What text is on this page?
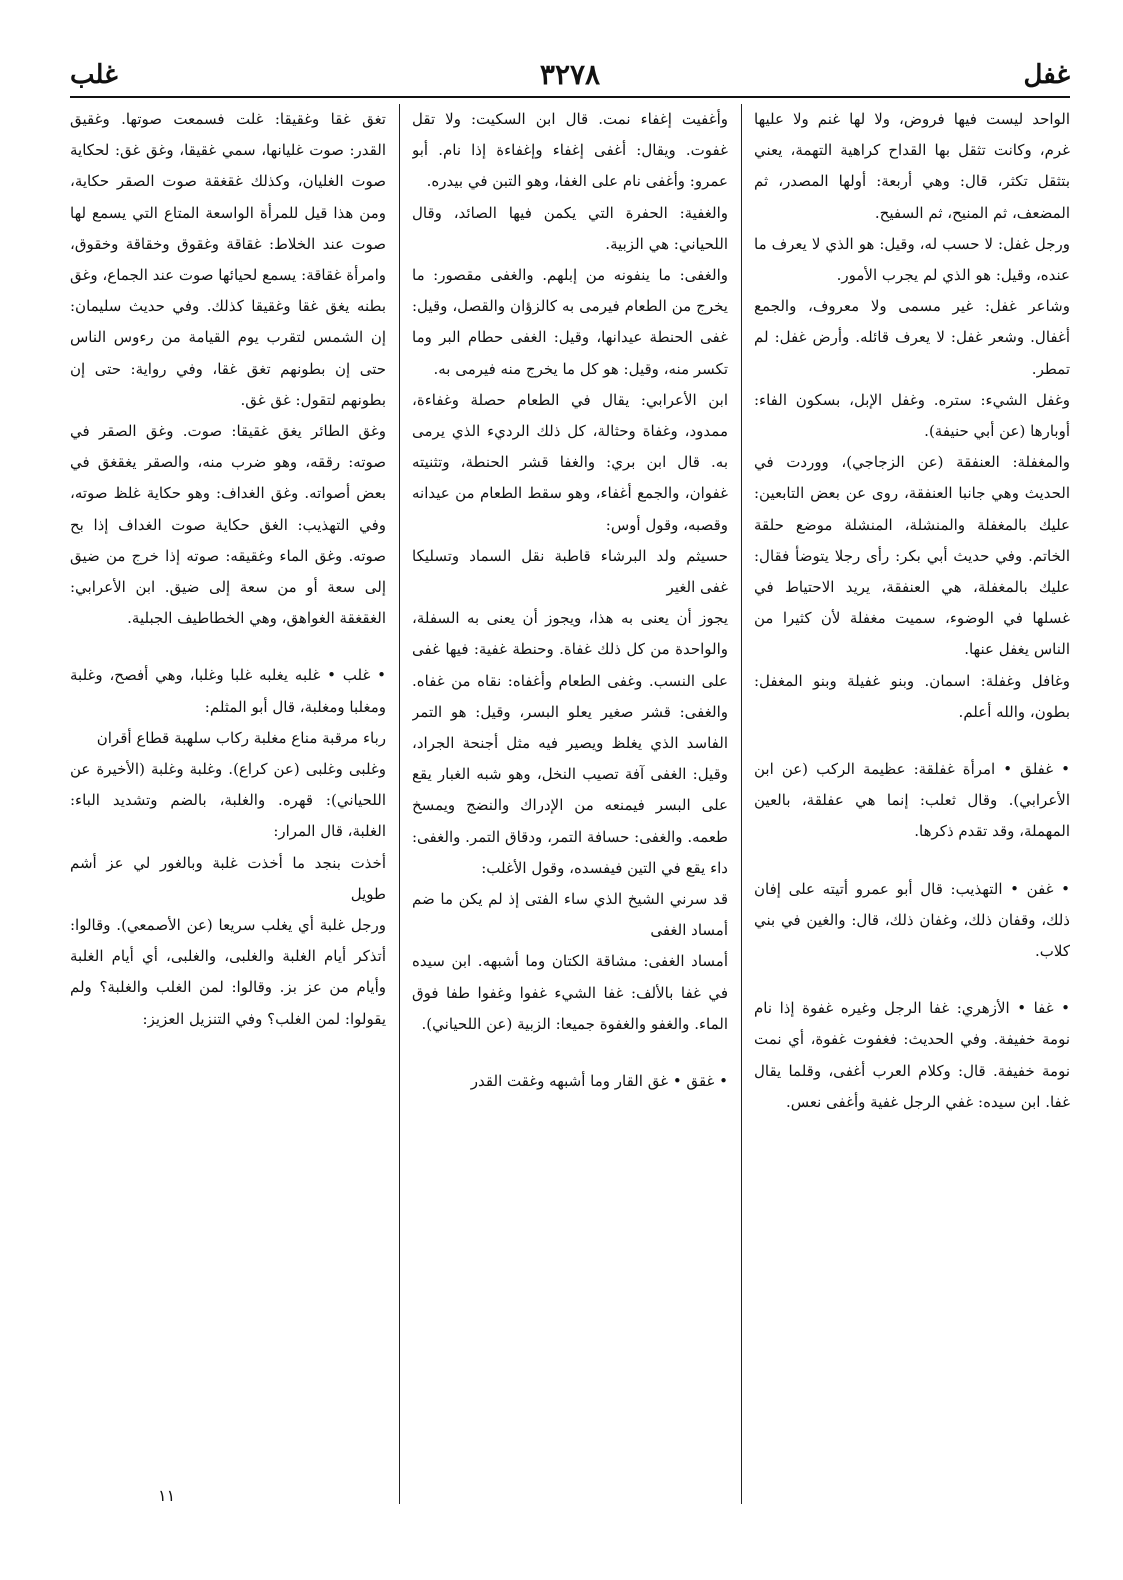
غفل
٣٢٧٨
غلب

الواحد ليست فيها فروض، ولا لها غنم ولا عليها غرم، وكانت تثقل بها القداح كراهية التهمة، يعني بتثقل تكثر، قال: وهي أربعة: أولها المصدر، ثم المضعف، ثم المنيح، ثم السفيح.

ورجل غفل: لا حسب له، وقيل: هو الذي لا يعرف ما عنده، وقيل: هو الذي لم يجرب الأمور.

وشاعر غفل: غير مسمى ولا معروف، والجمع أغفال. وشعر غفل: لا يعرف قائله. وأرض غفل: لم تمطر.

وغفل الشيء: ستره. وغفل الإبل، بسكون الفاء: أوبارها (عن أبي حنيفة).

والمغفلة: العنفقة (عن الزجاجي)، ووردت في الحديث وهي جانبا العنفقة، روى عن بعض التابعين: عليك بالمغفلة والمنشلة، المنشلة موضع حلقة الخاتم. وفي حديث أبي بكر: رأى رجلا يتوضأ فقال: عليك بالمغفلة، هي العنفقة، يريد الاحتياط في غسلها في الوضوء، سميت مغفلة لأن كثيرا من الناس يغفل عنها.

وغافل وغفلة: اسمان. وبنو غفيلة وبنو المغفل: بطون، والله أعلم.

• غفلق • امرأة غفلقة: عظيمة الركب (عن ابن الأعرابي). وقال ثعلب: إنما هي عفلقة، بالعين المهملة، وقد تقدم ذكرها.

• غفن • التهذيب: قال أبو عمرو أتيته على إفان ذلك، وقفان ذلك، وغفان ذلك، قال: والغين في بني كلاب.

• غفا • الأزهري: غفا الرجل وغيره غفوة إذا نام نومة خفيفة. وفي الحديث: فغفوت غفوة، أي نمت نومة خفيفة. قال: وكلام العرب أغفى، وقلما يقال غفا. ابن سيده: غفي الرجل غفية وأغفى نعس.

وأغفيت إغفاء نمت. قال ابن السكيت: ولا تقل غفوت. ويقال: أغفى إغفاء وإغفاءة إذا نام. أبو عمرو: وأغفى نام على الغفا، وهو التبن في بيدره.

والغفية: الحفرة التي يكمن فيها الصائد، وقال اللحياني: هي الزبية.

والغفى: ما ينفونه من إبلهم. والغفى مقصور: ما يخرج من الطعام فيرمى به كالزؤان والقصل، وقيل: غفى الحنطة عيدانها، وقيل: الغفى حطام البر وما تكسر منه، وقيل: هو كل ما يخرج منه فيرمى به.

ابن الأعرابي: يقال في الطعام حصلة وغفاءة، ممدود، وغفاة وحثالة، كل ذلك الرديء الذي يرمى به. قال ابن بري: والغفا قشر الحنطة، وتثنيته غفوان، والجمع أغفاء، وهو سقط الطعام من عيدانه وقصبه، وقول أوس:

حسيثم ولد البرشاء قاطبة نقل السماد وتسليكا غفى الغير

يجوز أن يعنى به هذا، ويجوز أن يعنى به السفلة، والواحدة من كل ذلك غفاة. وحنطة غفية: فيها غفى على النسب. وغفى الطعام وأغفاه: نقاه من غفاه. والغفى: قشر صغير يعلو البسر، وقيل: هو التمر الفاسد الذي يغلظ ويصير فيه مثل أجنحة الجراد، وقيل: الغفى آفة تصيب النخل، وهو شبه الغبار يقع على البسر فيمنعه من الإدراك والنضج ويمسخ طعمه. والغفى: حسافة التمر، ودقاق التمر. والغفى: داء يقع في التين فيفسده، وقول الأغلب:

قد سرني الشيخ الذي ساء الفتى إذ لم يكن ما ضم أمساد الغفى

أمساد الغفى: مشاقة الكتان وما أشبهه. ابن سيده في غفا بالألف: غفا الشيء غفوا وغفوا طفا فوق الماء. والغفو والغفوة جميعا: الزبية (عن اللحياني).

• غقق • غق القار وما أشبهه وغقت القدر

تغق غقا وغقيقا: غلت فسمعت صوتها. وغقيق القدر: صوت غليانها، سمي غقيقا، وغق غق: لحكاية صوت الغليان، وكذلك غقغقة صوت الصقر حكاية، ومن هذا قيل للمرأة الواسعة المتاع التي يسمع لها صوت عند الخلاط: غقاقة وغقوق وخقاقة وخقوق، وامرأة غقاقة: يسمع لحيائها صوت عند الجماع، وغق بطنه يغق غقا وغقيقا كذلك. وفي حديث سليمان: إن الشمس لتقرب يوم القيامة من رءوس الناس حتى إن بطونهم تغق غقا، وفي رواية: حتى إن بطونهم لتقول: غق غق.

وغق الطائر يغق غقيقا: صوت. وغق الصقر في صوته: رققه، وهو ضرب منه، والصقر يغقغق في بعض أصواته. وغق الغداف: وهو حكاية غلظ صوته، وفي التهذيب: الغق حكاية صوت الغداف إذا بح صوته. وغق الماء وغقيقه: صوته إذا خرج من ضيق إلى سعة أو من سعة إلى ضيق. ابن الأعرابي: الغقغقة الغواهق، وهي الخطاطيف الجبلية.

• غلب • غلبه يغلبه غلبا وغلبا، وهي أفصح، وغلبة ومغلبا ومغلبة، قال أبو المثلم:

رباء مرقبة مناع مغلبة ركاب سلهبة قطاع أقران

وغلبى وغلبى (عن كراع). وغلبة وغلبة (الأخيرة عن اللحياني): قهره. والغلبة، بالضم وتشديد الباء: الغلبة، قال المرار:

أخذت بنجد ما أخذت غلبة وبالغور لي عز أشم طويل

ورجل غلبة أي يغلب سريعا (عن الأصمعي). وقالوا: أتذكر أيام الغلبة والغلبى، والغلبى، أي أيام الغلبة وأيام من عز بز. وقالوا: لمن الغلب والغلبة؟ ولم يقولوا: لمن الغلب؟ وفي التنزيل العزيز:

١١
